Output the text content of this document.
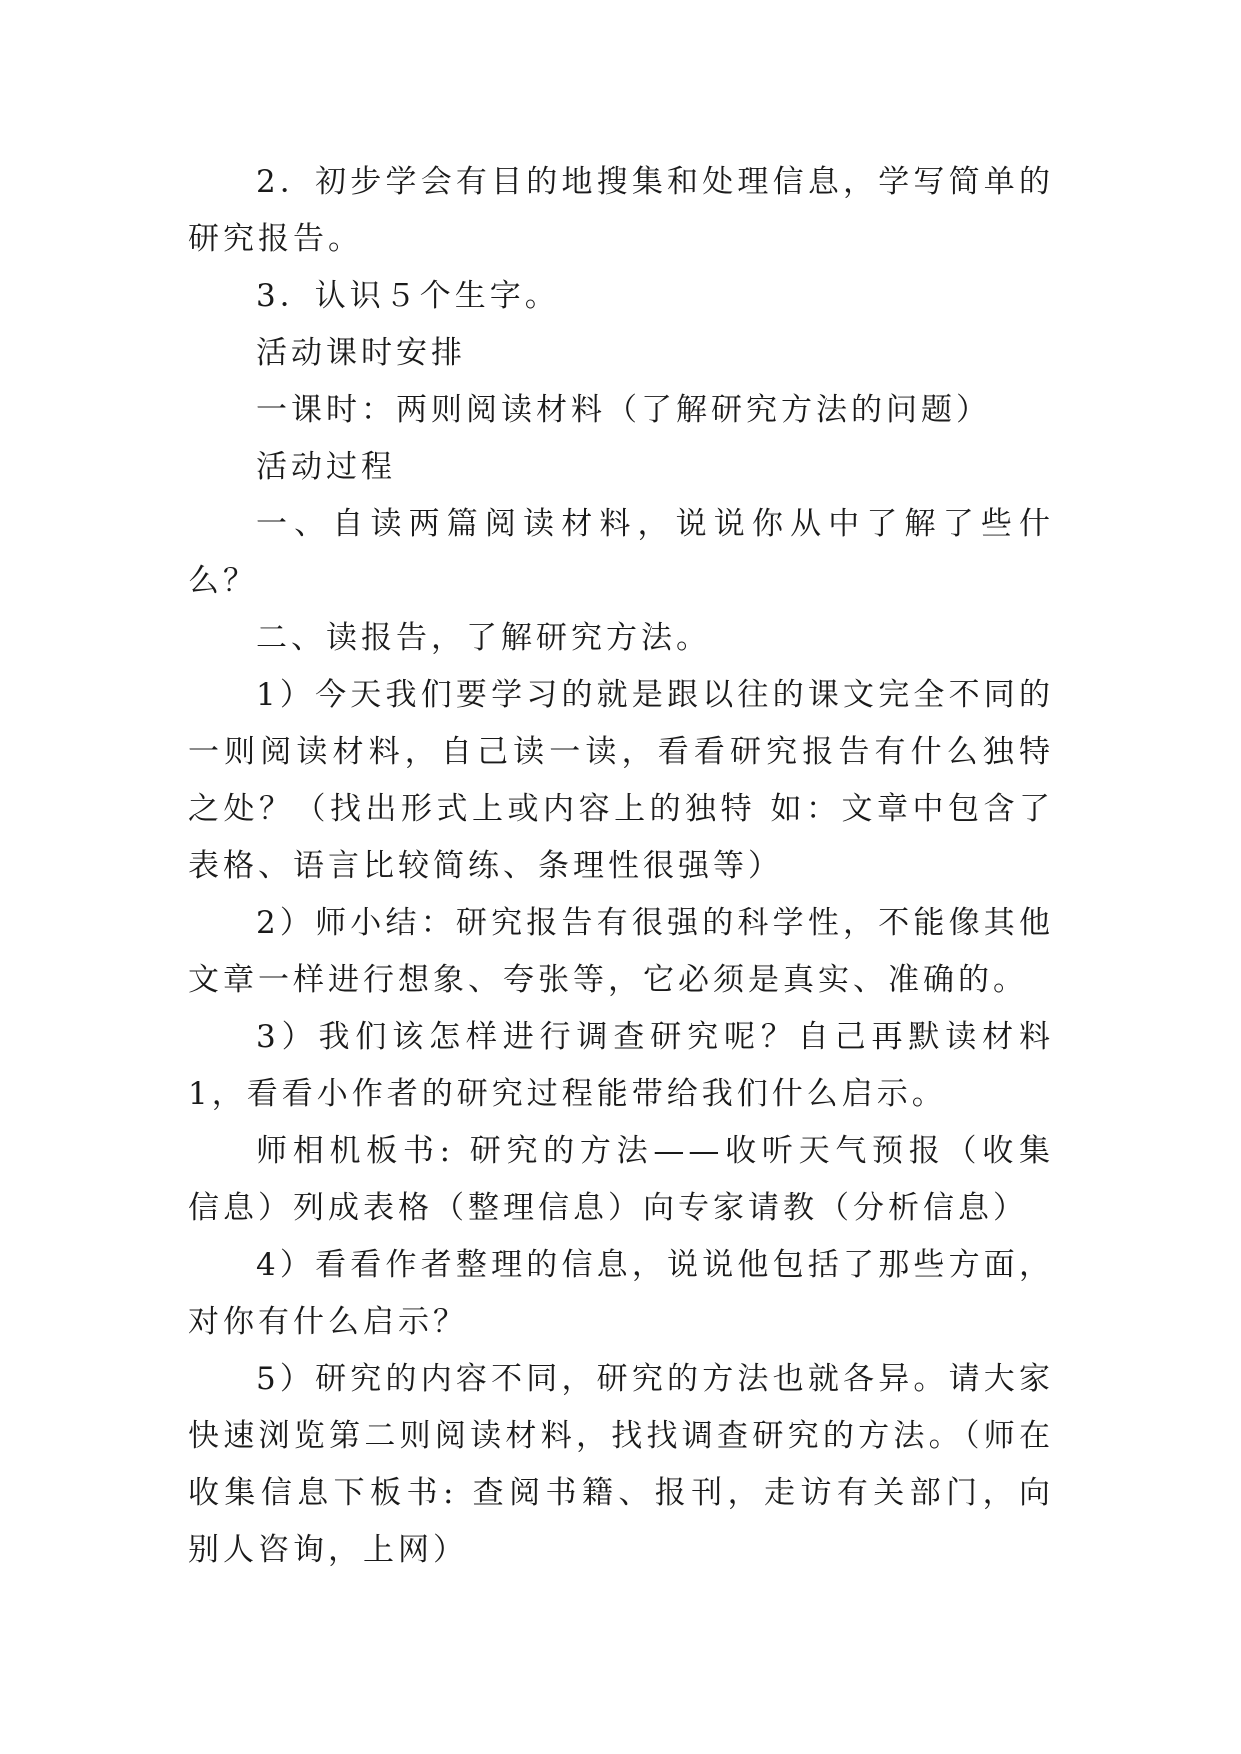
2．初步学会有目的地搜集和处理信息，学写简单的研究报告。

3．认识５个生字。

活动课时安排

一课时：两则阅读材料（了解研究方法的问题）

活动过程

一、自读两篇阅读材料，说说你从中了解了些什么？

二、读报告，了解研究方法。

1）今天我们要学习的就是跟以往的课文完全不同的一则阅读材料，自己读一读，看看研究报告有什么独特之处？（找出形式上或内容上的独特 如：文章中包含了表格、语言比较简练、条理性很强等）

2）师小结：研究报告有很强的科学性，不能像其他文章一样进行想象、夸张等，它必须是真实、准确的。

3）我们该怎样进行调查研究呢？自己再默读材料1，看看小作者的研究过程能带给我们什么启示。

师相机板书: 研究的方法——收听天气预报（收集信息）列成表格（整理信息）向专家请教（分析信息）

4）看看作者整理的信息，说说他包括了那些方面，对你有什么启示？

5）研究的内容不同，研究的方法也就各异。请大家快速浏览第二则阅读材料，找找调查研究的方法。（师在收集信息下板书: 查阅书籍、报刊，走访有关部门，向别人咨询，上网）
